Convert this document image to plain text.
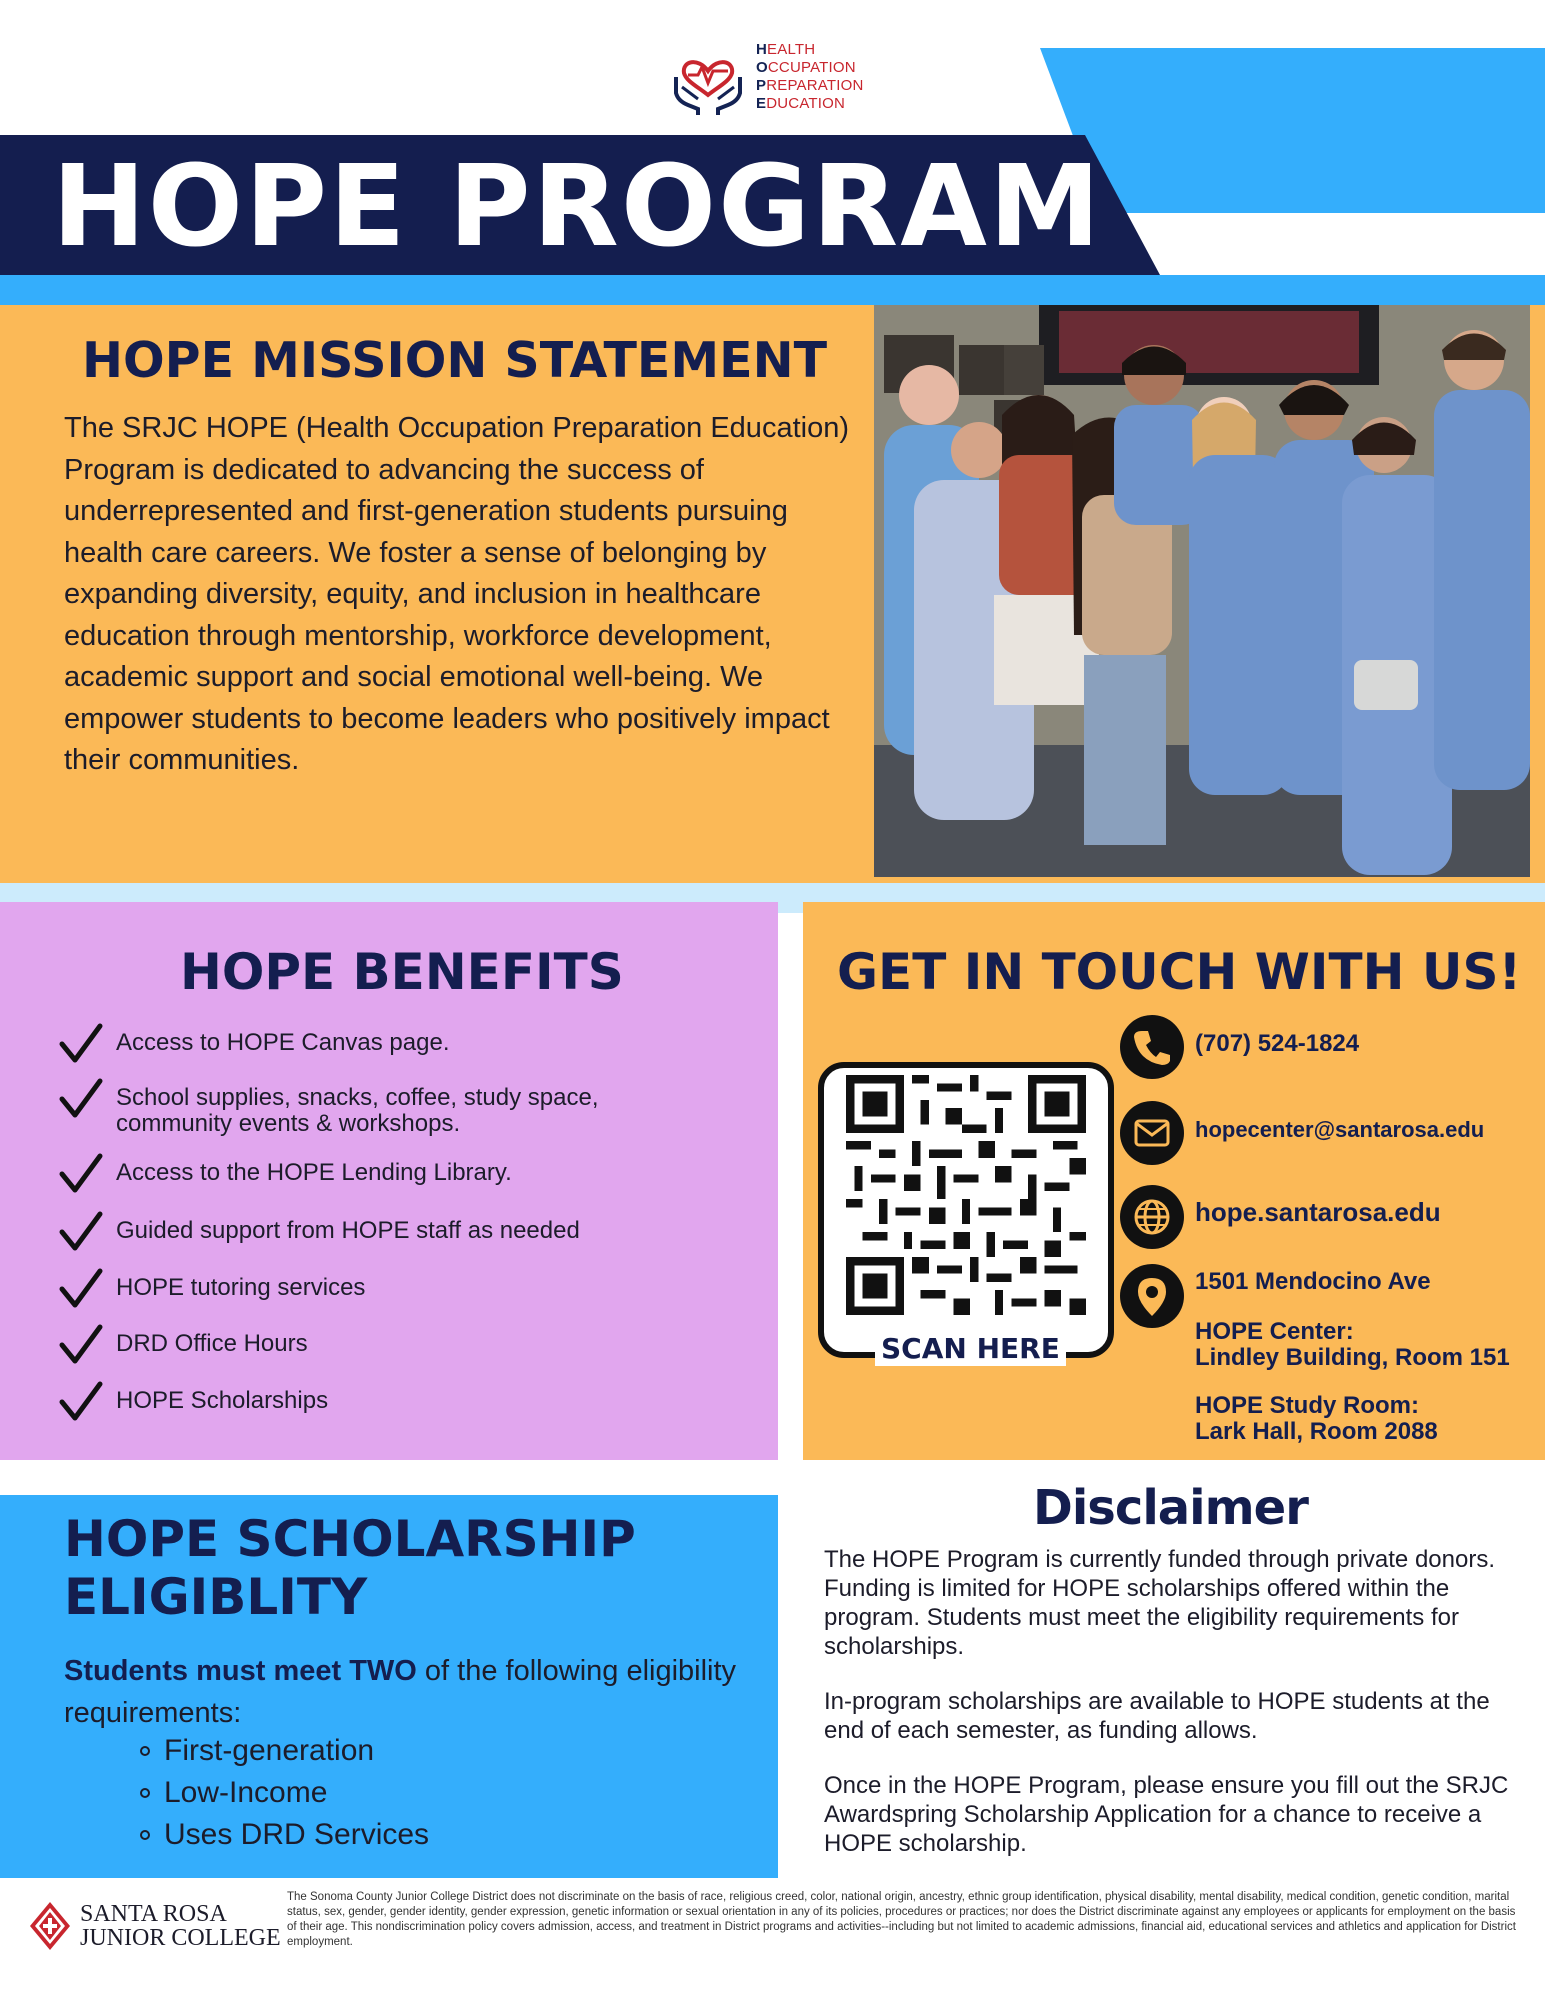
HEALTH
OCCUPATION
PREPARATION
EDUCATION
HOPE PROGRAM
HOPE MISSION STATEMENT
The SRJC HOPE (Health Occupation Preparation Education) Program is dedicated to advancing the success of underrepresented and first-generation students pursuing health care careers. We foster a sense of belonging by expanding diversity, equity, and inclusion in healthcare education through mentorship, workforce development, academic support and social emotional well-being. We empower students to become leaders who positively impact their communities.
HOPE BENEFITS
Access to HOPE Canvas page.
School supplies, snacks, coffee, study space, community events & workshops.
Access to the HOPE Lending Library.
Guided support from HOPE staff as needed
HOPE tutoring services
DRD Office Hours
HOPE Scholarships
GET IN TOUCH WITH US!
SCAN HERE
(707) 524-1824
hopecenter@santarosa.edu
hope.santarosa.edu
1501 Mendocino Ave
HOPE Center:
Lindley Building, Room 151
HOPE Study Room:
Lark Hall, Room 2088
HOPE SCHOLARSHIP ELIGIBLITY
Students must meet TWO of the following eligibility requirements:
First-generation
Low-Income
Uses DRD Services
Disclaimer
The HOPE Program is currently funded through private donors. Funding is limited for HOPE scholarships offered within the program. Students must meet the eligibility requirements for scholarships.
In-program scholarships are available to HOPE students at the end of each semester, as funding allows.
Once in the HOPE Program, please ensure you fill out the SRJC Awardspring Scholarship Application for a chance to receive a HOPE scholarship.
SANTA ROSA
JUNIOR COLLEGE
The Sonoma County Junior College District does not discriminate on the basis of race, religious creed, color, national origin, ancestry, ethnic group identification, physical disability, mental disability, medical condition, genetic condition, marital status, sex, gender, gender identity, gender expression, genetic information or sexual orientation in any of its policies, procedures or practices; nor does the District discriminate against any employees or applicants for employment on the basis of their age. This nondiscrimination policy covers admission, access, and treatment in District programs and activities--including but not limited to academic admissions, financial aid, educational services and athletics and application for District employment.
